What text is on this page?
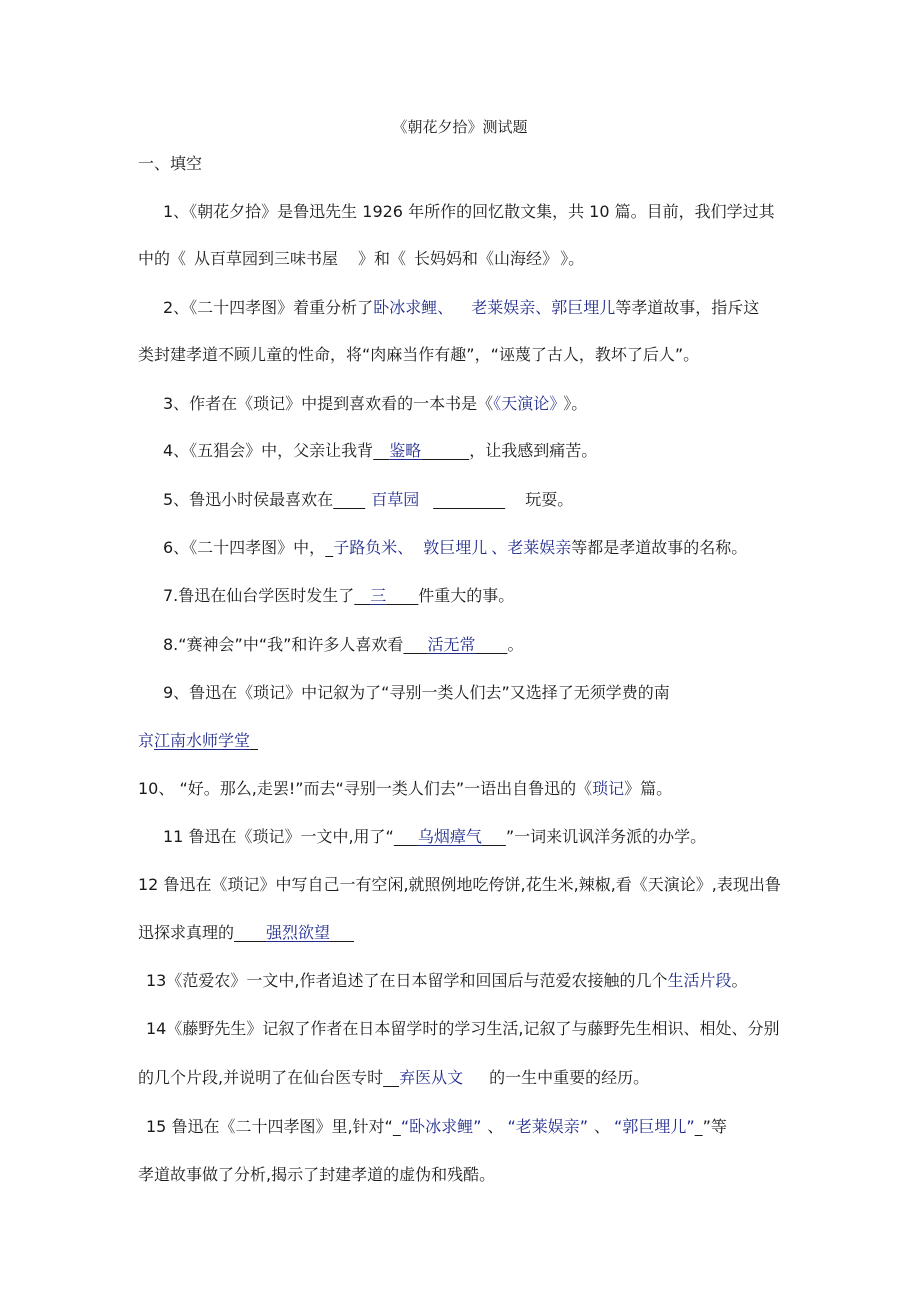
《朝花夕拾》测试题
一、填空
1、《朝花夕拾》是鲁迅先生 1926 年所作的回忆散文集，共 10 篇。目前，我们学过其
中的《 从百草园到三味书屋 》和《 长妈妈和《山海经》 》。
2、《二十四孝图》着重分析了卧冰求鲤、 老莱娱亲、郭巨埋儿等孝道故事，指斥这
类封建孝道不顾儿童的性命，将“肉麻当作有趣”，“诬蔑了古人，教坏了后人”。
3、作者在《琐记》中提到喜欢看的一本书是《《天演论》 》。
4、《五猖会》中，父亲让我背   鉴略      	，让我感到痛苦。
5、鲁迅小时侯最喜欢在     百草园         	玩耍。
6、《二十四孝图》中，  子路负米、 敦巨埋儿 、老莱娱亲等都是孝道故事的名称。
7.鲁迅在仙台学医时发生了   三     件重大的事。
8.“赛神会”中“我”和许多人喜欢看    活无常     。
9、鲁迅在《琐记》中记叙为了“寻别一类人们去”又选择了无须学费的南
京江南水师学堂 
10、 “好。那么,走罢!”而去“寻别一类人们去”一语出自鲁迅的《琐记》篇。
11 鲁迅在《琐记》一文中,用了“    乌烟瘴气    ”一词来讥讽洋务派的办学。
12 鲁迅在《琐记》中写自己一有空闲,就照例地吃侉饼,花生米,辣椒,看《天演论》,表现出鲁
迅探求真理的     强烈欲望   
13《范爱农》一文中,作者追述了在日本留学和回国后与范爱农接触的几个生活片段。
14《藤野先生》记叙了作者在日本留学时的学习生活,记叙了与藤野先生相识、相处、分别
的几个片段,并说明了在仙台医专时   弃医从文 的一生中重要的经历。
15 鲁迅在《二十四孝图》里,针对“  “卧冰求鲤” 、 “老莱娱亲” 、 “郭巨埋儿”  ”等
孝道故事做了分析,揭示了封建孝道的虚伪和残酷。
